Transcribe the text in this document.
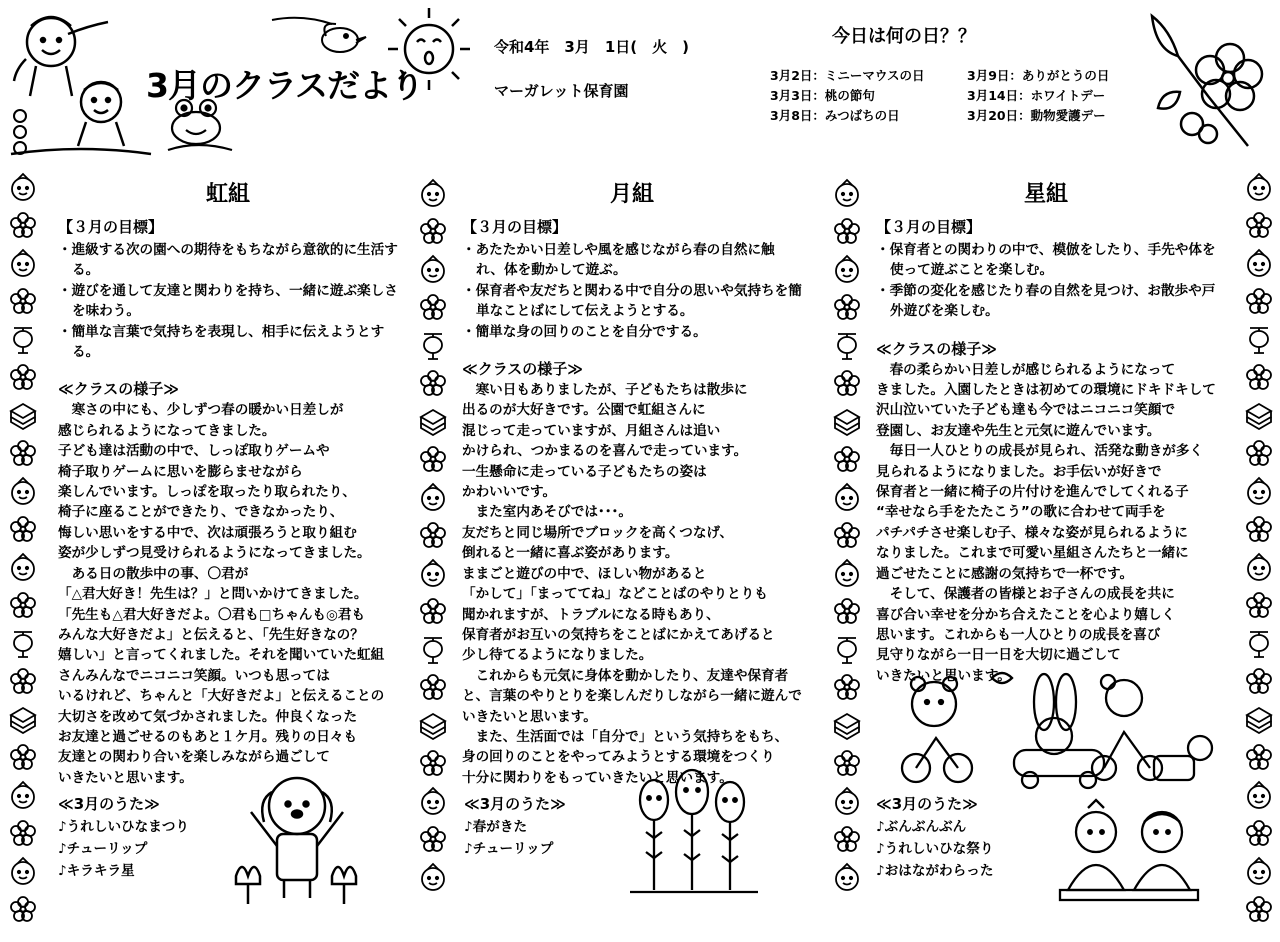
3月のクラスだより
令和4年　3月　1日(　火　)
マーガレット保育園
今日は何の日？？
3月2日：ミニーマウスの日
3月3日：桃の節句
3月8日：みつばちの日
3月9日：ありがとうの日
3月14日：ホワイトデー
3月20日：動物愛護デー
虹組
【３月の目標】
・進級する次の園への期待をもちながら意欲的に生活する。
・遊びを通して友達と関わりを持ち、一緒に遊ぶ楽しさを味わう。
・簡単な言葉で気持ちを表現し、相手に伝えようとする。
≪クラスの様子≫
　寒さの中にも、少しずつ春の暖かい日差しが
感じられるようになってきました。
子ども達は活動の中で、しっぽ取りゲームや
椅子取りゲームに思いを膨らませながら
楽しんでいます。しっぽを取ったり取られたり、
椅子に座ることができたり、できなかったり、
悔しい思いをする中で、次は頑張ろうと取り組む
姿が少しずつ見受けられるようになってきました。
　ある日の散歩中の事、〇君が
「△君大好き！先生は？」と問いかけてきました。
「先生も△君大好きだよ。〇君も□ちゃんも◎君も
みんな大好きだよ」と伝えると、「先生好きなの？
嬉しい」と言ってくれました。それを聞いていた虹組
さんみんなでニコニコ笑顔。いつも思っては
いるけれど、ちゃんと「大好きだよ」と伝えることの
大切さを改めて気づかされました。仲良くなった
お友達と過ごせるのもあと１ケ月。残りの日々も
友達との関わり合いを楽しみながら過ごして
いきたいと思います。
≪3月のうた≫
♪うれしいひなまつり
♪チューリップ
♪キラキラ星
月組
【３月の目標】
・あたたかい日差しや風を感じながら春の自然に触れ、体を動かして遊ぶ。
・保育者や友だちと関わる中で自分の思いや気持ちを簡単なことばにして伝えようとする。
・簡単な身の回りのことを自分でする。
≪クラスの様子≫
　寒い日もありましたが、子どもたちは散歩に
出るのが大好きです。公園で虹組さんに
混じって走っていますが、月組さんは追い
かけられ、つかまるのを喜んで走っています。
一生懸命に走っている子どもたちの姿は
かわいいです。
　また室内あそびでは･･･。
友だちと同じ場所でブロックを高くつなげ、
倒れると一緒に喜ぶ姿があります。
ままごと遊びの中で、ほしい物があると
「かして」「まっててね」などことばのやりとりも
聞かれますが、トラブルになる時もあり、
保育者がお互いの気持ちをことばにかえてあげると
少し待てるようになりました。
　これからも元気に身体を動かしたり、友達や保育者
と、言葉のやりとりを楽しんだりしながら一緒に遊んで
いきたいと思います。
　また、生活面では「自分で」という気持ちをもち、
身の回りのことをやってみようとする環境をつくり
十分に関わりをもっていきたいと思います。
≪3月のうた≫
♪春がきた
♪チューリップ
星組
【３月の目標】
・保育者との関わりの中で、模倣をしたり、手先や体を使って遊ぶことを楽しむ。
・季節の変化を感じたり春の自然を見つけ、お散歩や戸外遊びを楽しむ。
≪クラスの様子≫
　春の柔らかい日差しが感じられるようになって
きました。入園したときは初めての環境にドキドキして
沢山泣いていた子ども達も今ではニコニコ笑顔で
登園し、お友達や先生と元気に遊んでいます。
　毎日一人ひとりの成長が見られ、活発な動きが多く
見られるようになりました。お手伝いが好きで
保育者と一緒に椅子の片付けを進んでしてくれる子
“幸せなら手をたたこう”の歌に合わせて両手を
パチパチさせ楽しむ子、様々な姿が見られるように
なりました。これまで可愛い星組さんたちと一緒に
過ごせたことに感謝の気持ちで一杯です。
　そして、保護者の皆様とお子さんの成長を共に
喜び合い幸せを分かち合えたことを心より嬉しく
思います。これからも一人ひとりの成長を喜び
見守りながら一日一日を大切に過ごして
いきたいと思います。
≪3月のうた≫
♪ぶんぶんぶん
♪うれしいひな祭り
♪おはながわらった
